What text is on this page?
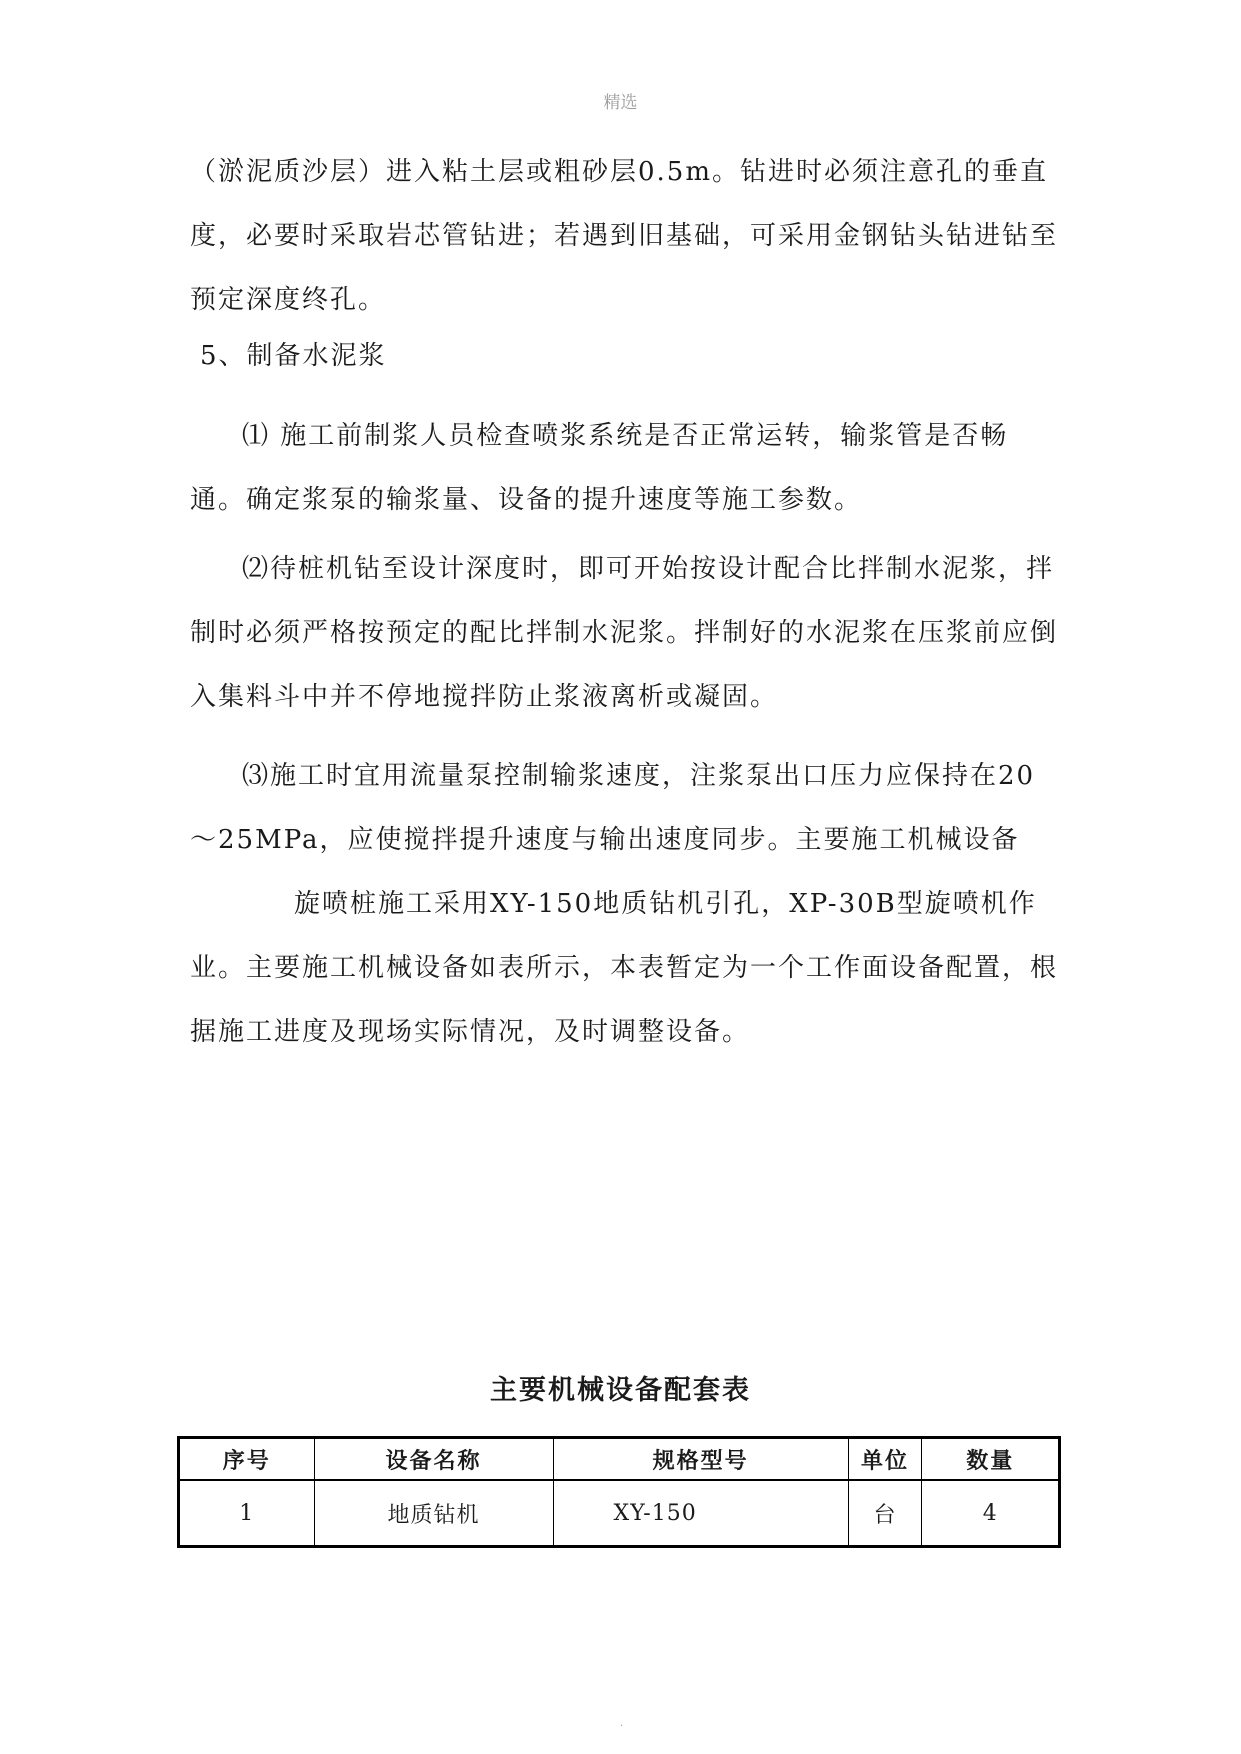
精选

（淤泥质沙层）进入粘土层或粗砂层0.5m。钻进时必须注意孔的垂直度，必要时采取岩芯管钻进；若遇到旧基础，可采用金钢钻头钻进钻至预定深度终孔。

5、制备水泥浆

⑴ 施工前制浆人员检查喷浆系统是否正常运转，输浆管是否畅通。确定浆泵的输浆量、设备的提升速度等施工参数。

⑵待桩机钻至设计深度时，即可开始按设计配合比拌制水泥浆，拌制时必须严格按预定的配比拌制水泥浆。拌制好的水泥浆在压浆前应倒入集料斗中并不停地搅拌防止浆液离析或凝固。

⑶施工时宜用流量泵控制输浆速度，注浆泵出口压力应保持在20～25MPa，应使搅拌提升速度与输出速度同步。主要施工机械设备

旋喷桩施工采用XY-150地质钻机引孔，XP-30B型旋喷机作业。主要施工机械设备如表所示，本表暂定为一个工作面设备配置，根据施工进度及现场实际情况，及时调整设备。

主要机械设备配套表
序号	设备名称	规格型号	单位	数量
1	地质钻机	XY-150	台	4
.
